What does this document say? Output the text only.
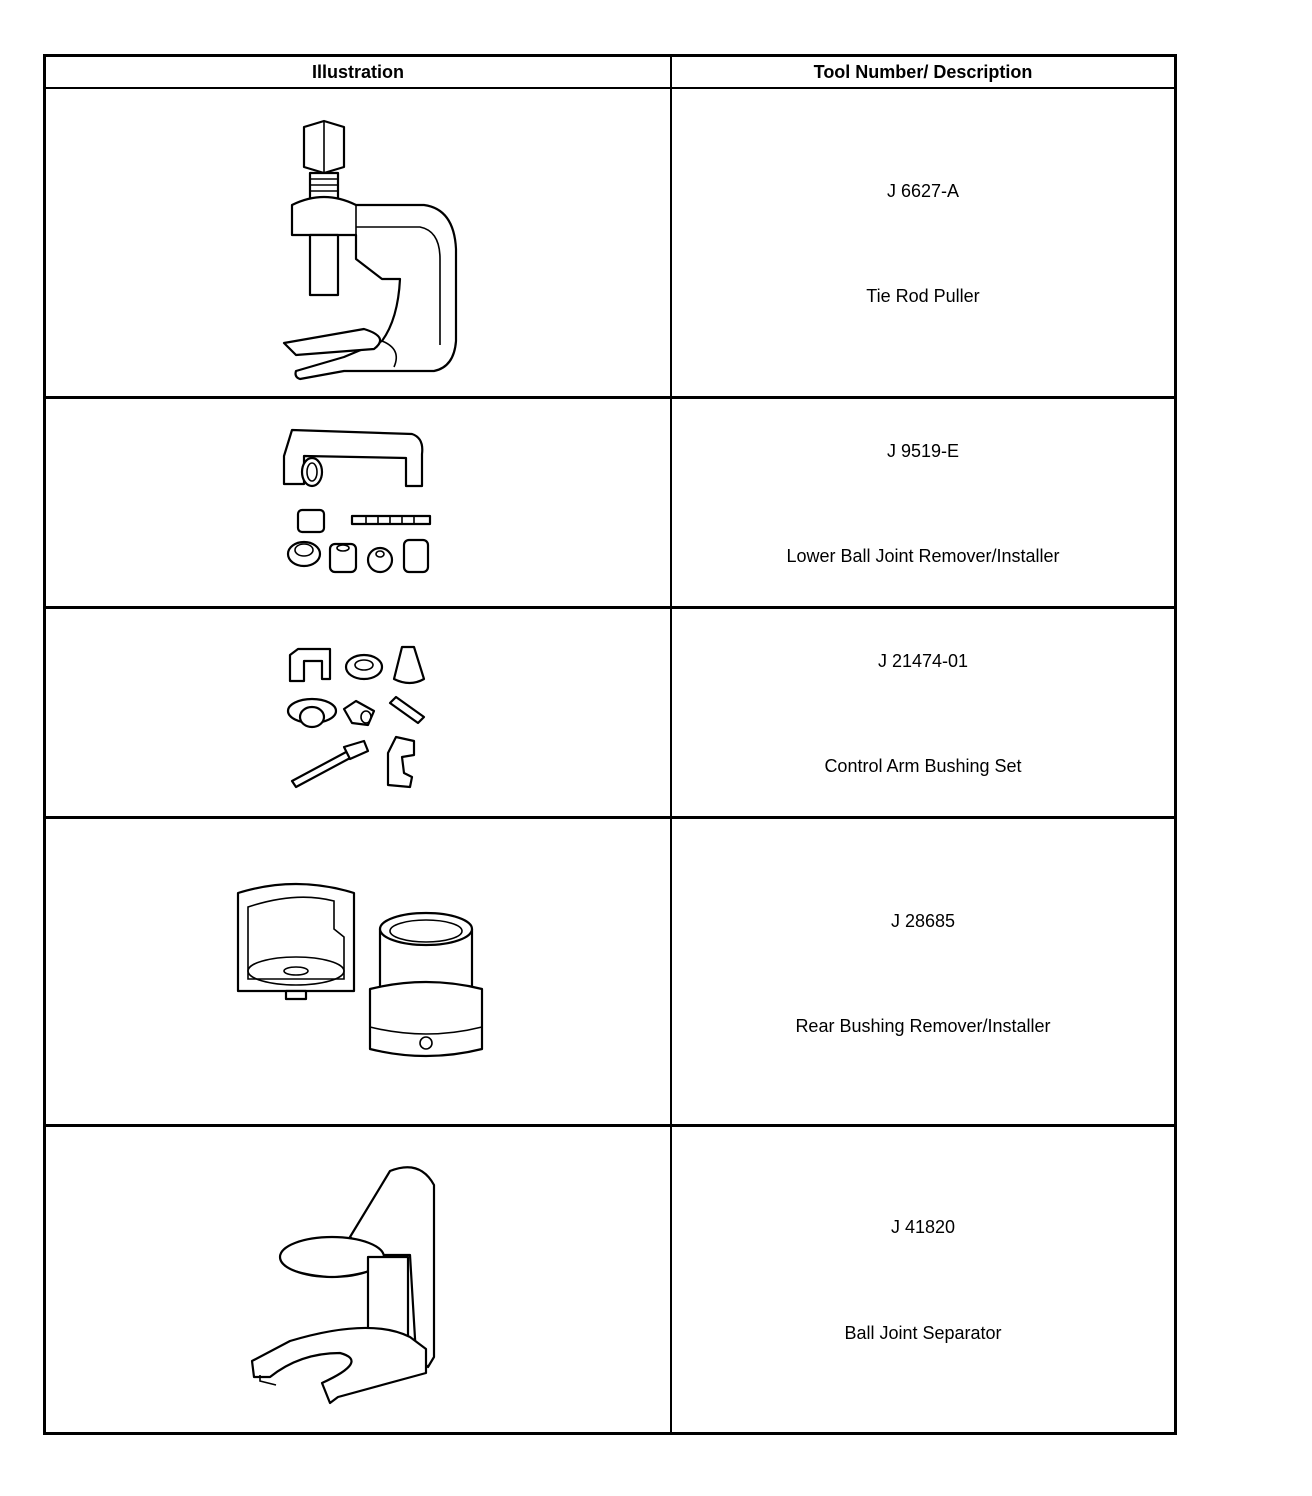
Illustration	Tool Number/ Description
J 6627-A
Tie Rod Puller
J 9519-E
Lower Ball Joint Remover/Installer
J 21474-01
Control Arm Bushing Set
J 28685
Rear Bushing Remover/Installer
J 41820
Ball Joint Separator
